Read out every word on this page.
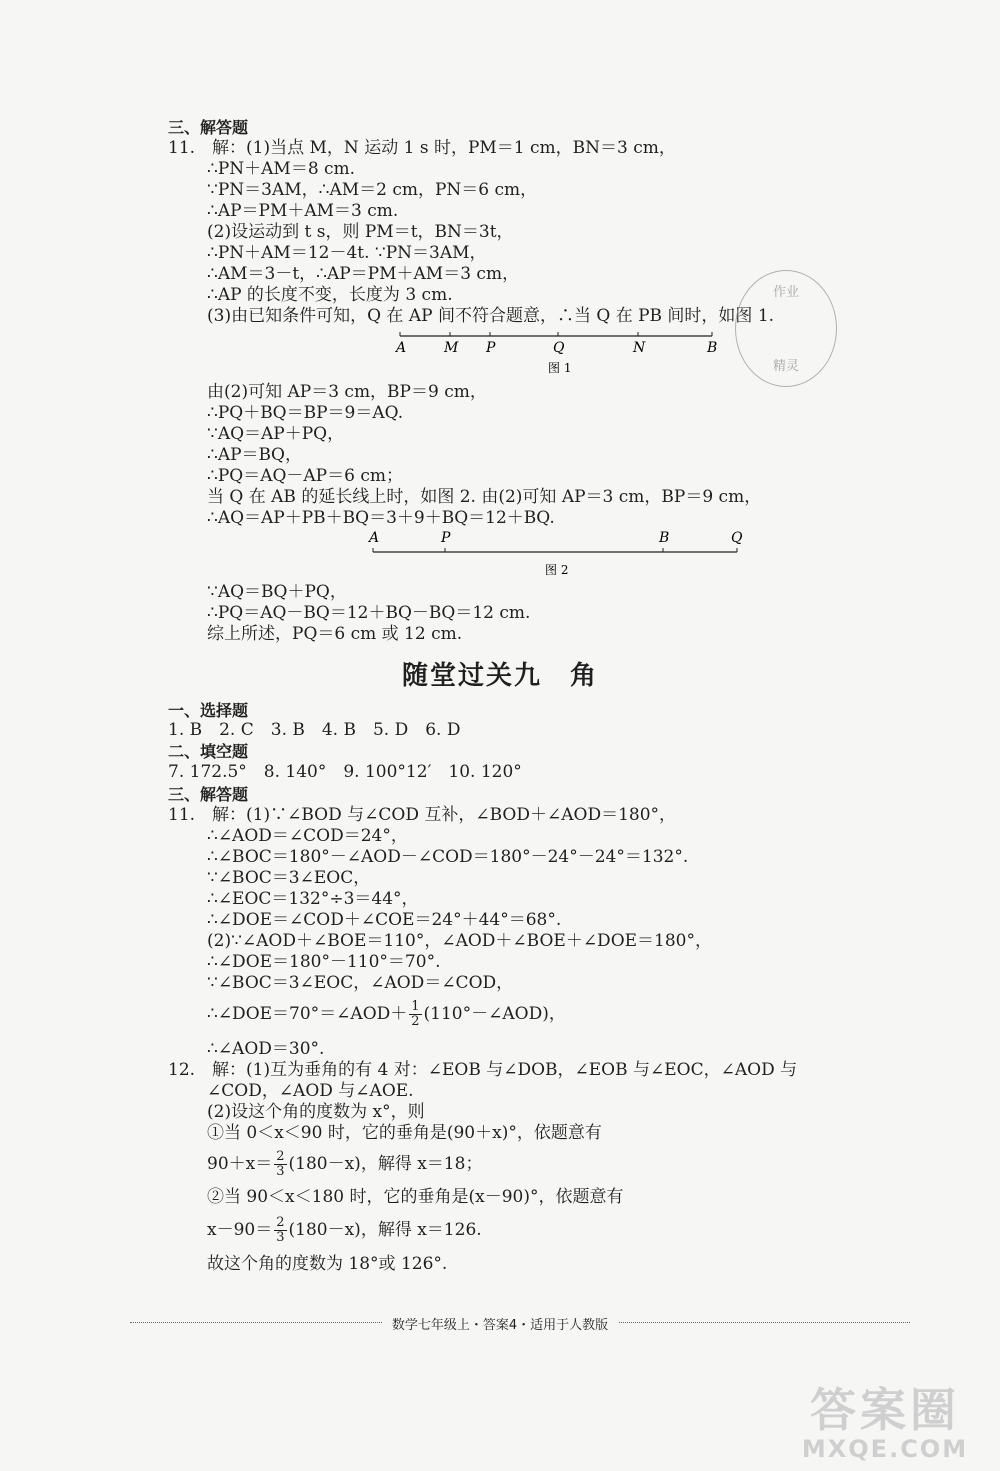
三、解答题
11.　解：(1)当点 M，N 运动 1 s 时，PM＝1 cm，BN＝3 cm，
∴PN＋AM＝8 cm.
∵PN＝3AM，∴AM＝2 cm，PN＝6 cm，
∴AP＝PM＋AM＝3 cm.
(2)设运动到 t s，则 PM＝t，BN＝3t，
∴PN＋AM＝12－4t. ∵PN＝3AM，
∴AM＝3－t，∴AP＝PM＋AM＝3 cm，
∴AP 的长度不变，长度为 3 cm.
(3)由已知条件可知，Q 在 AP 间不符合题意，∴当 Q 在 PB 间时，如图 1.
A	M P	Q	N	B
图 1
由(2)可知 AP＝3 cm，BP＝9 cm，
∴PQ＋BQ＝BP＝9＝AQ.
∵AQ＝AP＋PQ，
∴AP＝BQ，
∴PQ＝AQ－AP＝6 cm；
当 Q 在 AB 的延长线上时，如图 2. 由(2)可知 AP＝3 cm，BP＝9 cm，
∴AQ＝AP＋PB＋BQ＝3＋9＋BQ＝12＋BQ.
A	P	B	Q
图 2
∵AQ＝BQ＋PQ，
∴PQ＝AQ－BQ＝12＋BQ－BQ＝12 cm.
综上所述，PQ＝6 cm 或 12 cm.
随堂过关九　角
一、选择题
1. B　2. C　3. B　4. B　5. D　6. D
二、填空题
7. 172.5°　8. 140°　9. 100°12′　10. 120°
三、解答题
11.　解：(1)∵∠BOD 与∠COD 互补，∠BOD＋∠AOD＝180°，
∴∠AOD＝∠COD＝24°，
∴∠BOC＝180°－∠AOD－∠COD＝180°－24°－24°＝132°.
∵∠BOC＝3∠EOC，
∴∠EOC＝132°÷3＝44°，
∴∠DOE＝∠COD＋∠COE＝24°＋44°＝68°.
(2)∵∠AOD＋∠BOE＝110°，∠AOD＋∠BOE＋∠DOE＝180°，
∴∠DOE＝180°－110°＝70°.
∵∠BOC＝3∠EOC，∠AOD＝∠COD，
∴∠DOE＝70°＝∠AOD＋ $\frac{1}{2}$ (110°－∠AOD)，
∴∠AOD＝30°.
12.　解：(1)互为垂角的有 4 对：∠EOB 与∠DOB，∠EOB 与∠EOC，∠AOD 与
∠COD，∠AOD 与∠AOE.
(2)设这个角的度数为 x°，则
①当 0＜x＜90 时，它的垂角是(90＋x)°，依题意有
$90+x= \frac{2}{3} (180-x)$，解得 x＝18；
②当 90＜x＜180 时，它的垂角是(x－90)°，依题意有
$x-90= \frac{2}{3} (180-x)$，解得 x＝126.
故这个角的度数为 18°或 126°.
作业
精灵
数学七年级上・答案4・适用于人教版
答案圈
MXQE.COM
